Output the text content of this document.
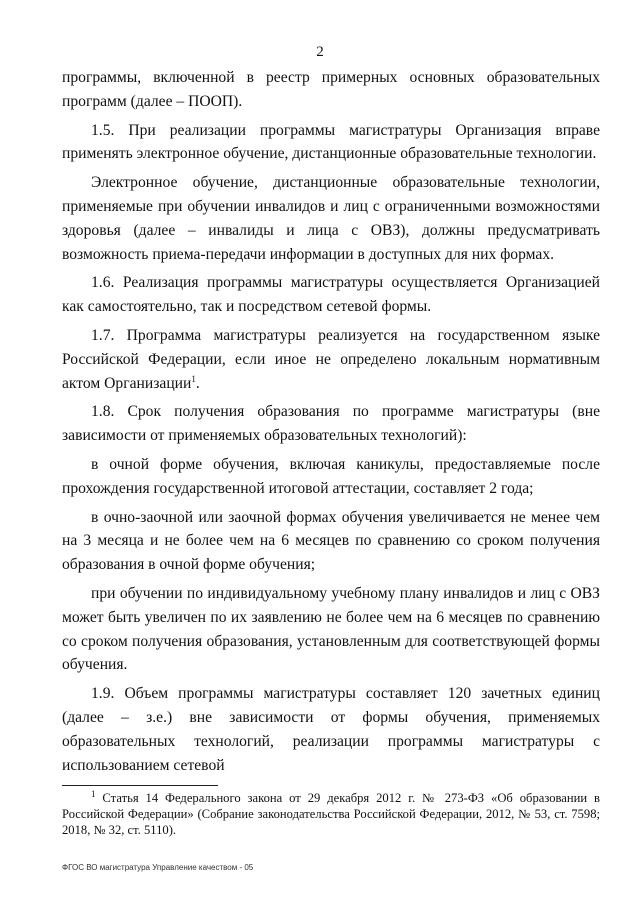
2

программы, включенной в реестр примерных основных образовательных программ (далее – ПООП).

1.5. При реализации программы магистратуры Организация вправе применять электронное обучение, дистанционные образовательные технологии.

Электронное обучение, дистанционные образовательные технологии, применяемые при обучении инвалидов и лиц с ограниченными возможностями здоровья (далее – инвалиды и лица с ОВЗ), должны предусматривать возможность приема-передачи информации в доступных для них формах.

1.6. Реализация программы магистратуры осуществляется Организацией как самостоятельно, так и посредством сетевой формы.

1.7. Программа магистратуры реализуется на государственном языке Российской Федерации, если иное не определено локальным нормативным актом Организации$^1$.

1.8. Срок получения образования по программе магистратуры (вне зависимости от применяемых образовательных технологий):

в очной форме обучения, включая каникулы, предоставляемые после прохождения государственной итоговой аттестации, составляет 2 года;

в очно-заочной или заочной формах обучения увеличивается не менее чем на 3 месяца и не более чем на 6 месяцев по сравнению со сроком получения образования в очной форме обучения;

при обучении по индивидуальному учебному плану инвалидов и лиц с ОВЗ может быть увеличен по их заявлению не более чем на 6 месяцев по сравнению со сроком получения образования, установленным для соответствующей формы обучения.

1.9. Объем программы магистратуры составляет 120 зачетных единиц (далее – з.е.) вне зависимости от формы обучения, применяемых образовательных технологий, реализации программы магистратуры с использованием сетевой

$^1$ Статья 14 Федерального закона от 29 декабря 2012 г. № 273-ФЗ «Об образовании в Российской Федерации» (Собрание законодательства Российской Федерации, 2012, № 53, ст. 7598; 2018, № 32, ст. 5110).
ФГОС ВО магистратура Управление качеством - 05
